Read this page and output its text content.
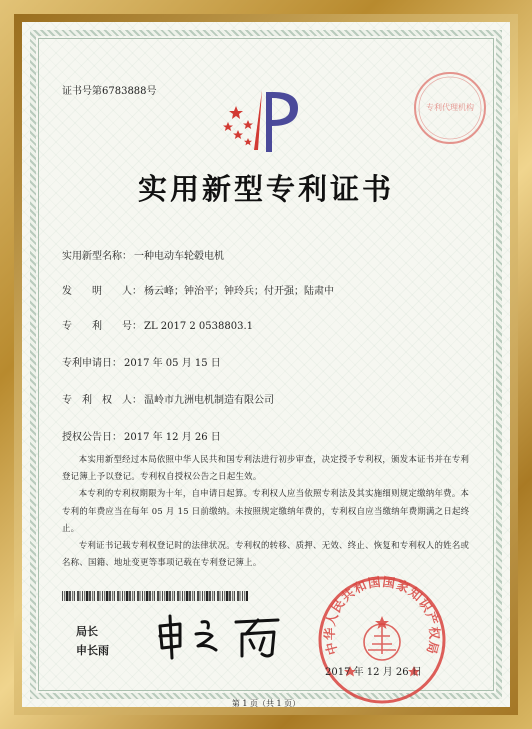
证书号第6783888号
专利代理机构
实用新型专利证书
实用新型名称： 一种电动车轮毂电机
发　　明　　人： 杨云峰；钟治平；钟玲兵；付开强；陆肃中
专　　利　　号： ZL 2017 2 0538803.1
专利申请日： 2017 年 05 月 15 日
专　利　权　人： 温岭市九洲电机制造有限公司
授权公告日： 2017 年 12 月 26 日

本实用新型经过本局依照中华人民共和国专利法进行初步审查，决定授予专利权，颁发本证书并在专利登记簿上予以登记。专利权自授权公告之日起生效。

本专利的专利权期限为十年，自申请日起算。专利权人应当依照专利法及其实施细则规定缴纳年费。本专利的年费应当在每年 05 月 15 日前缴纳。未按照规定缴纳年费的，专利权自应当缴纳年费期满之日起终止。

专利证书记载专利权登记时的法律状况。专利权的转移、质押、无效、终止、恢复和专利权人的姓名或名称、国籍、地址变更等事项记载在专利登记簿上。

局长
申长雨	中华人民共和国国家知识产权局
2017 年 12 月 26 日
第 1 页（共 1 页）
